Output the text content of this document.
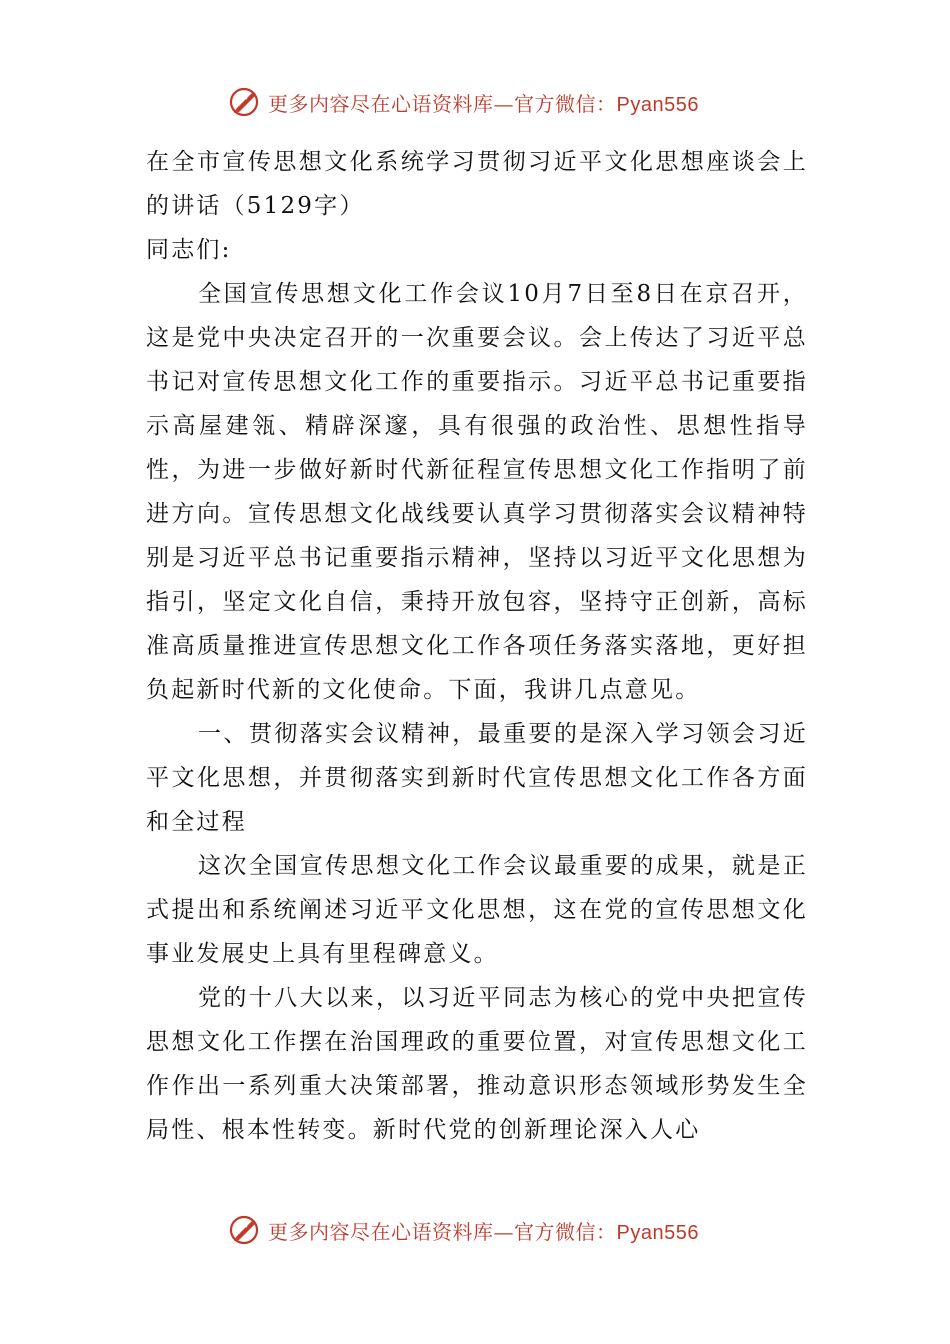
更多内容尽在心语资料库—官方微信：Pyan556

在全市宣传思想文化系统学习贯彻习近平文化思想座谈会上的讲话（5129字）

同志们:

全国宣传思想文化工作会议10月7日至8日在京召开，这是党中央决定召开的一次重要会议。会上传达了习近平总书记对宣传思想文化工作的重要指示。习近平总书记重要指示高屋建瓴、精辟深邃，具有很强的政治性、思想性指导性，为进一步做好新时代新征程宣传思想文化工作指明了前进方向。宣传思想文化战线要认真学习贯彻落实会议精神特别是习近平总书记重要指示精神，坚持以习近平文化思想为指引，坚定文化自信，秉持开放包容，坚持守正创新，高标准高质量推进宣传思想文化工作各项任务落实落地，更好担负起新时代新的文化使命。下面，我讲几点意见。

一、贯彻落实会议精神，最重要的是深入学习领会习近平文化思想，并贯彻落实到新时代宣传思想文化工作各方面和全过程

这次全国宣传思想文化工作会议最重要的成果，就是正式提出和系统阐述习近平文化思想，这在党的宣传思想文化事业发展史上具有里程碑意义。

党的十八大以来，以习近平同志为核心的党中央把宣传思想文化工作摆在治国理政的重要位置，对宣传思想文化工作作出一系列重大决策部署，推动意识形态领域形势发生全局性、根本性转变。新时代党的创新理论深入人心

更多内容尽在心语资料库—官方微信：Pyan556
